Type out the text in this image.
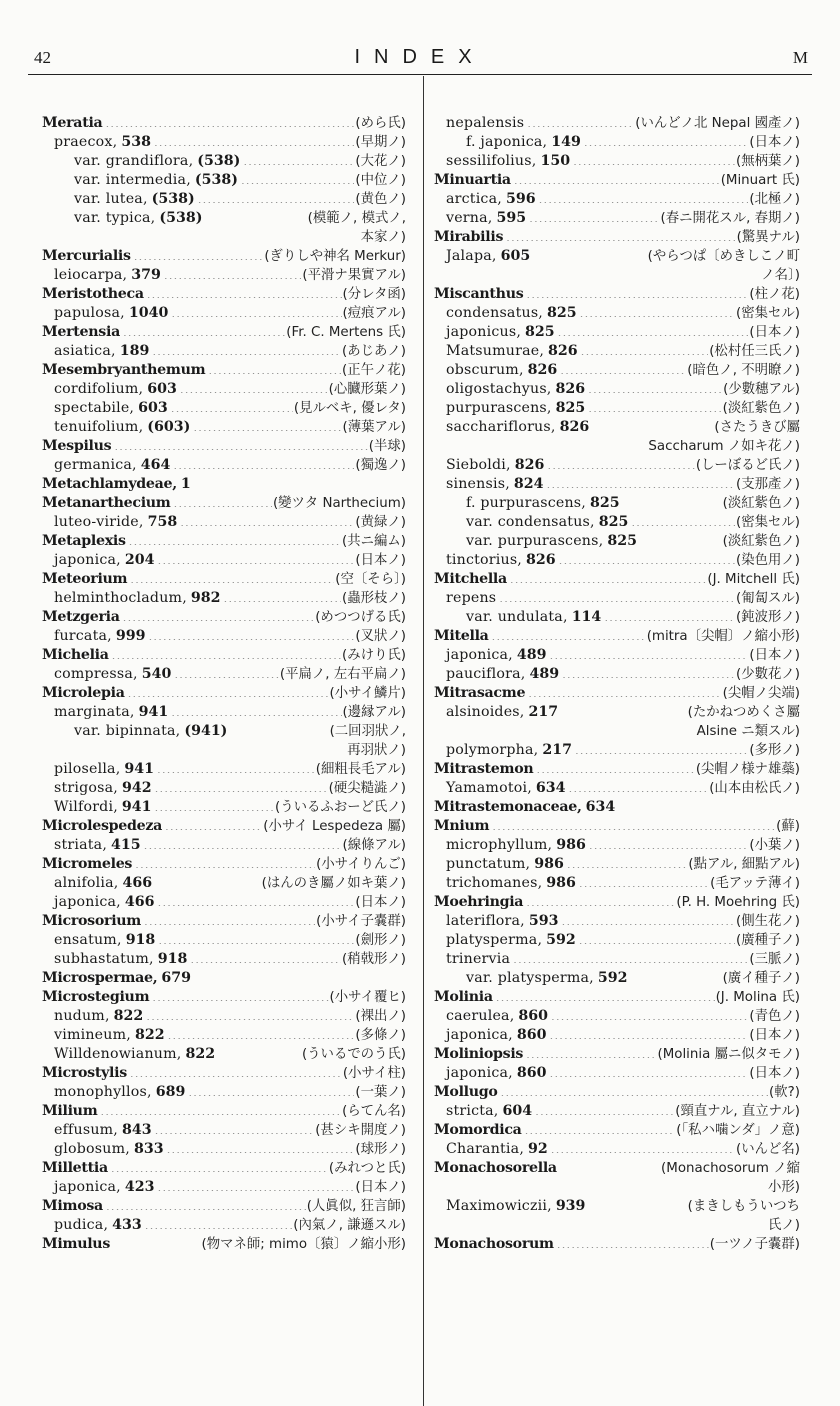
42	INDEX	M
Meratia .....	(めら氏)
praecox, 538 .....	(早期ノ)
var. grandiflora, (538) .....	(大花ノ)
var. intermedia, (538) .....	(中位ノ)
var. lutea, (538) .....	(黄色ノ)
var. typica, (538)	(模範ノ, 模式ノ,
本家ノ)
Mercurialis .....	(ぎりしや神名 Merkur)
leiocarpa, 379 .....	(平滑ナ果實アル)
Meristotheca .....	(分レタ函)
papulosa, 1040 .....	(痘痕アル)
Mertensia .....	(Fr. C. Mertens 氏)
asiatica, 189 .....	(あじあノ)
Mesembryanthemum .....	(正午ノ花)
cordifolium, 603 .....	(心臓形葉ノ)
spectabile, 603 .....	(見ルベキ, 優レタ)
tenuifolium, (603) .....	(薄葉アル)
Mespilus .....	(半球)
germanica, 464 .....	(獨逸ノ)
Metachlamydeae, 1
Metanarthecium .....	(變ツタ Narthecium)
luteo-viride, 758 .....	(黄緑ノ)
Metaplexis .....	(共ニ編ム)
japonica, 204 .....	(日本ノ)
Meteorium .....	(空〔そら〕)
helminthocladum, 982 .....	(蟲形枝ノ)
Metzgeria .....	(めつつげる氏)
furcata, 999 .....	(叉狀ノ)
Michelia .....	(みけり氏)
compressa, 540 .....	(平扁ノ, 左右平扁ノ)
Microlepia .....	(小サイ鱗片)
marginata, 941 .....	(邊縁アル)
var. bipinnata, (941)	(二回羽狀ノ,
再羽狀ノ)
pilosella, 941 .....	(細粗長毛アル)
strigosa, 942 .....	(硬尖糙澁ノ)
Wilfordi, 941 .....	(ういるふおーど氏ノ)
Microlespedeza .....	(小サイ Lespedeza 屬)
striata, 415 .....	(線條アル)
Micromeles .....	(小サイりんご)
alnifolia, 466	(はんのき屬ノ如キ葉ノ)
japonica, 466 .....	(日本ノ)
Microsorium .....	(小サイ子嚢群)
ensatum, 918 .....	(劍形ノ)
subhastatum, 918 .....	(稍戟形ノ)
Microspermae, 679
Microstegium .....	(小サイ覆ヒ)
nudum, 822 .....	(裸出ノ)
vimineum, 822 .....	(多條ノ)
Willdenowianum, 822	(ういるでのう氏)
Microstylis .....	(小サイ柱)
monophyllos, 689 .....	(一葉ノ)
Milium .....	(らてん名)
effusum, 843 .....	(甚シキ開度ノ)
globosum, 833 .....	(球形ノ)
Millettia .....	(みれつと氏)
japonica, 423 .....	(日本ノ)
Mimosa .....	(人眞似, 狂言師)
pudica, 433 .....	(內氣ノ, 謙遜スル)
Mimulus	(物マネ師; mimo〔猿〕ノ縮小形)
nepalensis .....	(いんどノ北 Nepal 國產ノ)
f. japonica, 149 .....	(日本ノ)
sessilifolius, 150 .....	(無柄葉ノ)
Minuartia .....	(Minuart 氏)
arctica, 596 .....	(北極ノ)
verna, 595 .....	(春ニ開花スル, 春期ノ)
Mirabilis .....	(驚異ナル)
Jalapa, 605	(やらつぱ〔めきしこノ町
ノ名〕)
Miscanthus .....	(柱ノ花)
condensatus, 825 .....	(密集セル)
japonicus, 825 .....	(日本ノ)
Matsumurae, 826 .....	(松村任三氏ノ)
obscurum, 826 .....	(暗色ノ, 不明瞭ノ)
oligostachyus, 826 .....	(少數穗アル)
purpurascens, 825 .....	(淡紅紫色ノ)
sacchariflorus, 826	(さたうきび屬
Saccharum ノ如キ花ノ)
Sieboldi, 826 .....	(しーぼるど氏ノ)
sinensis, 824 .....	(支那產ノ)
f. purpurascens, 825	(淡紅紫色ノ)
var. condensatus, 825 .....	(密集セル)
var. purpurascens, 825	(淡紅紫色ノ)
tinctorius, 826 .....	(染色用ノ)
Mitchella .....	(J. Mitchell 氏)
repens .....	(匍匐スル)
var. undulata, 114 .....	(鈍波形ノ)
Mitella .....	(mitra〔尖帽〕ノ縮小形)
japonica, 489 .....	(日本ノ)
pauciflora, 489 .....	(少數花ノ)
Mitrasacme .....	(尖帽ノ尖端)
alsinoides, 217	(たかねつめくさ屬
Alsine ニ類スル)
polymorpha, 217 .....	(多形ノ)
Mitrastemon .....	(尖帽ノ様ナ雄蘂)
Yamamotoi, 634 .....	(山本由松氏ノ)
Mitrastemonaceae, 634
Mnium .....	(蘚)
microphyllum, 986 .....	(小葉ノ)
punctatum, 986 .....	(點アル, 細點アル)
trichomanes, 986 .....	(毛アッテ薄イ)
Moehringia .....	(P. H. Moehring 氏)
lateriflora, 593 .....	(側生花ノ)
platysperma, 592 .....	(廣種子ノ)
trinervia .....	(三脈ノ)
var. platysperma, 592	(廣イ種子ノ)
Molinia .....	(J. Molina 氏)
caerulea, 860 .....	(青色ノ)
japonica, 860 .....	(日本ノ)
Moliniopsis .....	(Molinia 屬ニ似タモノ)
japonica, 860 .....	(日本ノ)
Mollugo .....	(軟?)
stricta, 604 .....	(頸直ナル, 直立ナル)
Momordica .....	(「私ハ噛ンダ」ノ意)
Charantia, 92 .....	(いんど名)
Monachosorella	(Monachosorum ノ縮
小形)
Maximowiczii, 939	(まきしもういつち
氏ノ)
Monachosorum .....	(一ツノ子嚢群)
